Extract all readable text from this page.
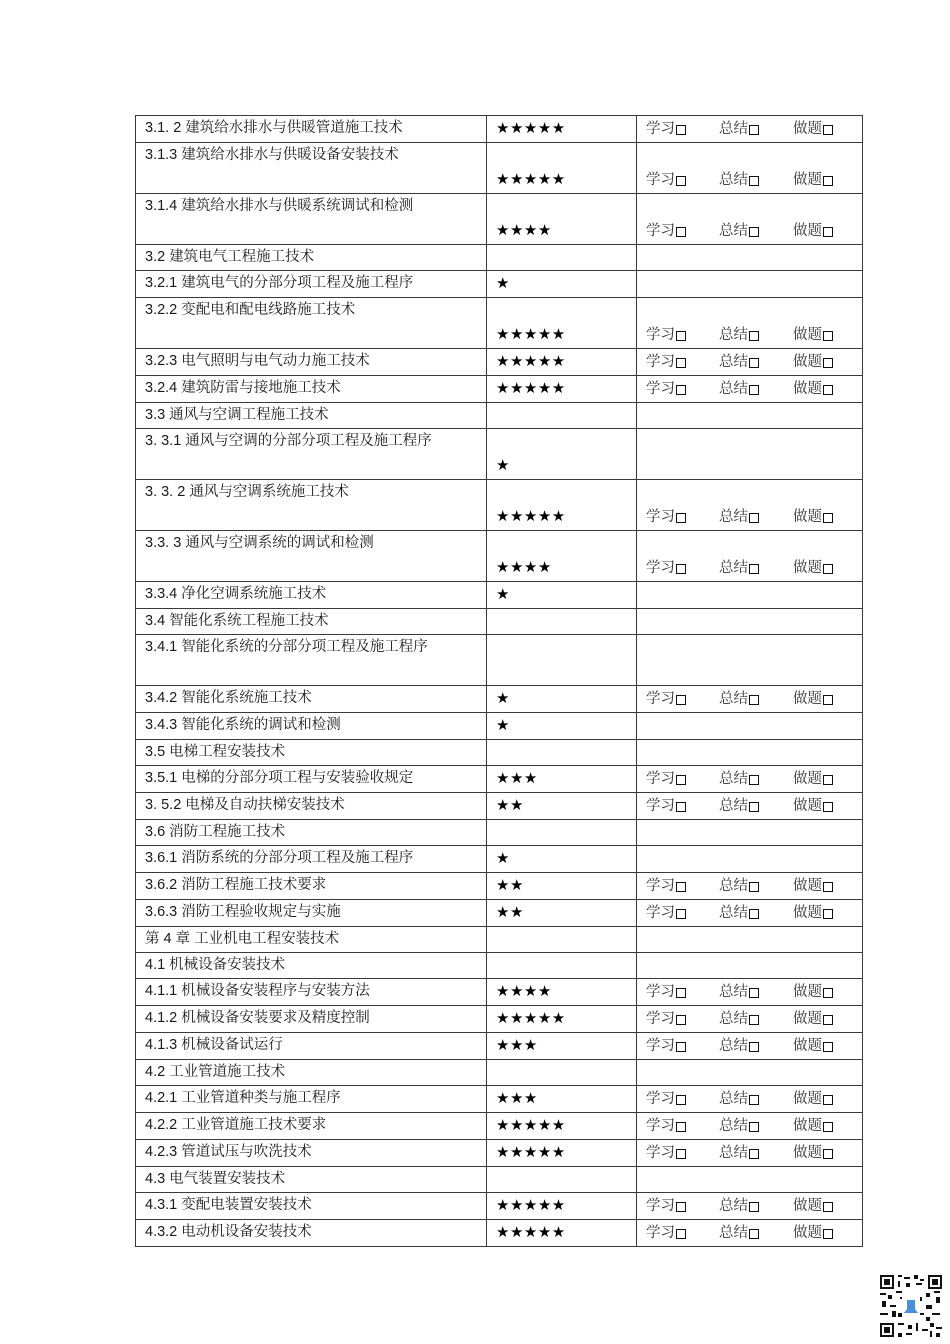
3.1. 2 建筑给水排水与供暖管道施工技术	★★★★★	学习 总结 做题

3.1.3 建筑给水排水与供暖设备安装技术	★★★★★	学习 总结 做题

3.1.4 建筑给水排水与供暖系统调试和检测	★★★★	学习 总结 做题

3.2 建筑电气工程施工技术		

3.2.1 建筑电气的分部分项工程及施工程序	★	

3.2.2 变配电和配电线路施工技术	★★★★★	学习 总结 做题

3.2.3 电气照明与电气动力施工技术	★★★★★	学习 总结 做题

3.2.4 建筑防雷与接地施工技术	★★★★★	学习 总结 做题

3.3 通风与空调工程施工技术		

3. 3.1 通风与空调的分部分项工程及施工程序	★	

3. 3. 2 通风与空调系统施工技术	★★★★★	学习 总结 做题

3.3. 3 通风与空调系统的调试和检测	★★★★	学习 总结 做题

3.3.4 净化空调系统施工技术	★	

3.4 智能化系统工程施工技术		

3.4.1 智能化系统的分部分项工程及施工程序		

3.4.2 智能化系统施工技术	★	学习 总结 做题

3.4.3 智能化系统的调试和检测	★	

3.5 电梯工程安装技术		

3.5.1 电梯的分部分项工程与安装验收规定	★★★	学习 总结 做题

3. 5.2 电梯及自动扶梯安装技术	★★	学习 总结 做题

3.6 消防工程施工技术		

3.6.1 消防系统的分部分项工程及施工程序	★	

3.6.2 消防工程施工技术要求	★★	学习 总结 做题

3.6.3 消防工程验收规定与实施	★★	学习 总结 做题

第 4 章 工业机电工程安装技术		

4.1 机械设备安装技术		

4.1.1 机械设备安装程序与安装方法	★★★★	学习 总结 做题

4.1.2 机械设备安装要求及精度控制	★★★★★	学习 总结 做题

4.1.3 机械设备试运行	★★★	学习 总结 做题

4.2 工业管道施工技术		

4.2.1 工业管道种类与施工程序	★★★	学习 总结 做题

4.2.2 工业管道施工技术要求	★★★★★	学习 总结 做题

4.2.3 管道试压与吹洗技术	★★★★★	学习 总结 做题

4.3 电气装置安装技术		

4.3.1 变配电装置安装技术	★★★★★	学习 总结 做题

4.3.2 电动机设备安装技术	★★★★★	学习 总结 做题
